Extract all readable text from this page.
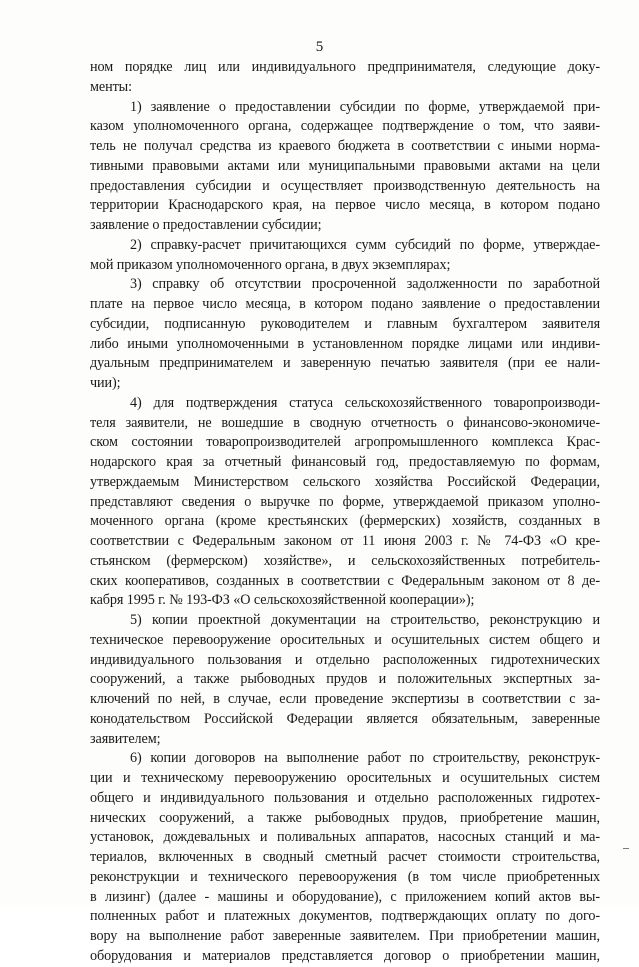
5
ном порядке лиц или индивидуального предпринимателя, следующие доку-
менты:
1) заявление о предоставлении субсидии по форме, утверждаемой при-
казом уполномоченного органа, содержащее подтверждение о том, что заяви-
тель не получал средства из краевого бюджета в соответствии с иными норма-
тивными правовыми актами или муниципальными правовыми актами на цели
предоставления субсидии и осуществляет производственную деятельность на
территории Краснодарского края, на первое число месяца, в котором подано
заявление о предоставлении субсидии;
2) справку-расчет причитающихся сумм субсидий по форме, утверждае-
мой приказом уполномоченного органа, в двух экземплярах;
3) справку об отсутствии просроченной задолженности по заработной
плате на первое число месяца, в котором подано заявление о предоставлении
субсидии, подписанную руководителем и главным бухгалтером заявителя
либо иными уполномоченными в установленном порядке лицами или индиви-
дуальным предпринимателем и заверенную печатью заявителя (при ее нали-
чии);
4) для подтверждения статуса сельскохозяйственного товаропроизводи-
теля заявители, не вошедшие в сводную отчетность о финансово-экономиче-
ском состоянии товаропроизводителей агропромышленного комплекса Крас-
нодарского края за отчетный финансовый год, предоставляемую по формам,
утверждаемым Министерством сельского хозяйства Российской Федерации,
представляют сведения о выручке по форме, утверждаемой приказом уполно-
моченного органа (кроме крестьянских (фермерских) хозяйств, созданных в
соответствии с Федеральным законом от 11 июня 2003 г. № 74-ФЗ «О кре-
стьянском (фермерском) хозяйстве», и сельскохозяйственных потребитель-
ских кооперативов, созданных в соответствии с Федеральным законом от 8 де-
кабря 1995 г. № 193-ФЗ «О сельскохозяйственной кооперации»);
5) копии проектной документации на строительство, реконструкцию и
техническое перевооружение оросительных и осушительных систем общего и
индивидуального пользования и отдельно расположенных гидротехнических
сооружений, а также рыбоводных прудов и положительных экспертных за-
ключений по ней, в случае, если проведение экспертизы в соответствии с за-
конодательством Российской Федерации является обязательным, заверенные
заявителем;
6) копии договоров на выполнение работ по строительству, реконструк-
ции и техническому перевооружению оросительных и осушительных систем
общего и индивидуального пользования и отдельно расположенных гидротех-
нических сооружений, а также рыбоводных прудов, приобретение машин,
установок, дождевальных и поливальных аппаратов, насосных станций и ма-
териалов, включенных в сводный сметный расчет стоимости строительства,
реконструкции и технического перевооружения (в том числе приобретенных
в лизинг) (далее - машины и оборудование), с приложением копий актов вы-
полненных работ и платежных документов, подтверждающих оплату по дого-
вору на выполнение работ заверенные заявителем. При приобретении машин,
оборудования и материалов представляется договор о приобретении машин,
